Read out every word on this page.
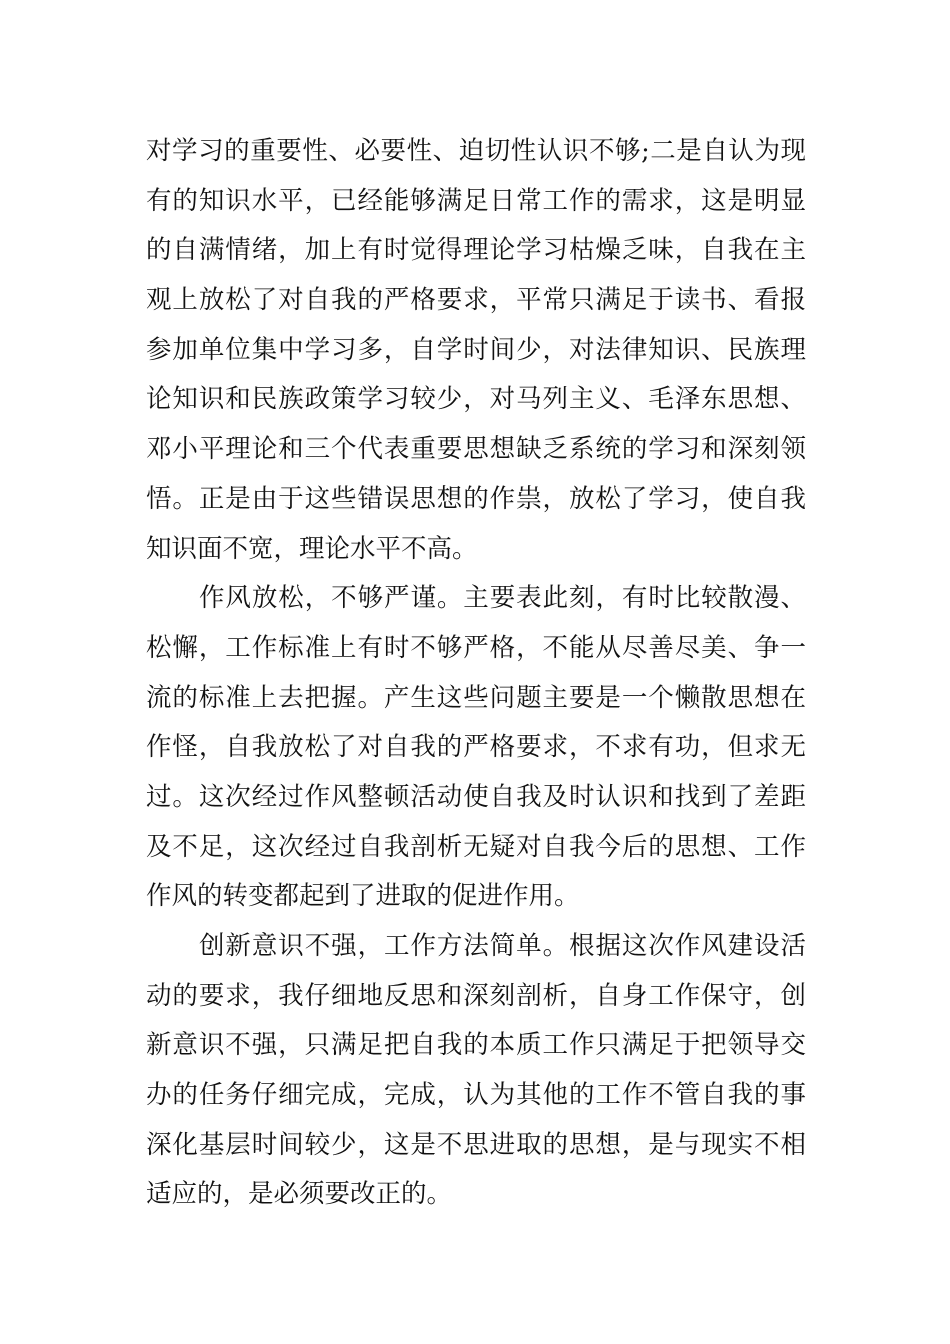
对学习的重要性、必要性、迫切性认识不够;二是自认为现
有的知识水平，已经能够满足日常工作的需求，这是明显
的自满情绪，加上有时觉得理论学习枯燥乏味，自我在主
观上放松了对自我的严格要求，平常只满足于读书、看报
参加单位集中学习多，自学时间少，对法律知识、民族理
论知识和民族政策学习较少，对马列主义、毛泽东思想、
邓小平理论和三个代表重要思想缺乏系统的学习和深刻领
悟。正是由于这些错误思想的作祟，放松了学习，使自我
知识面不宽，理论水平不高。
作风放松，不够严谨。主要表此刻，有时比较散漫、
松懈，工作标准上有时不够严格，不能从尽善尽美、争一
流的标准上去把握。产生这些问题主要是一个懒散思想在
作怪，自我放松了对自我的严格要求，不求有功，但求无
过。这次经过作风整顿活动使自我及时认识和找到了差距
及不足，这次经过自我剖析无疑对自我今后的思想、工作
作风的转变都起到了进取的促进作用。
创新意识不强，工作方法简单。根据这次作风建设活
动的要求，我仔细地反思和深刻剖析，自身工作保守，创
新意识不强，只满足把自我的本质工作只满足于把领导交
办的任务仔细完成，完成，认为其他的工作不管自我的事
深化基层时间较少，这是不思进取的思想，是与现实不相
适应的，是必须要改正的。
